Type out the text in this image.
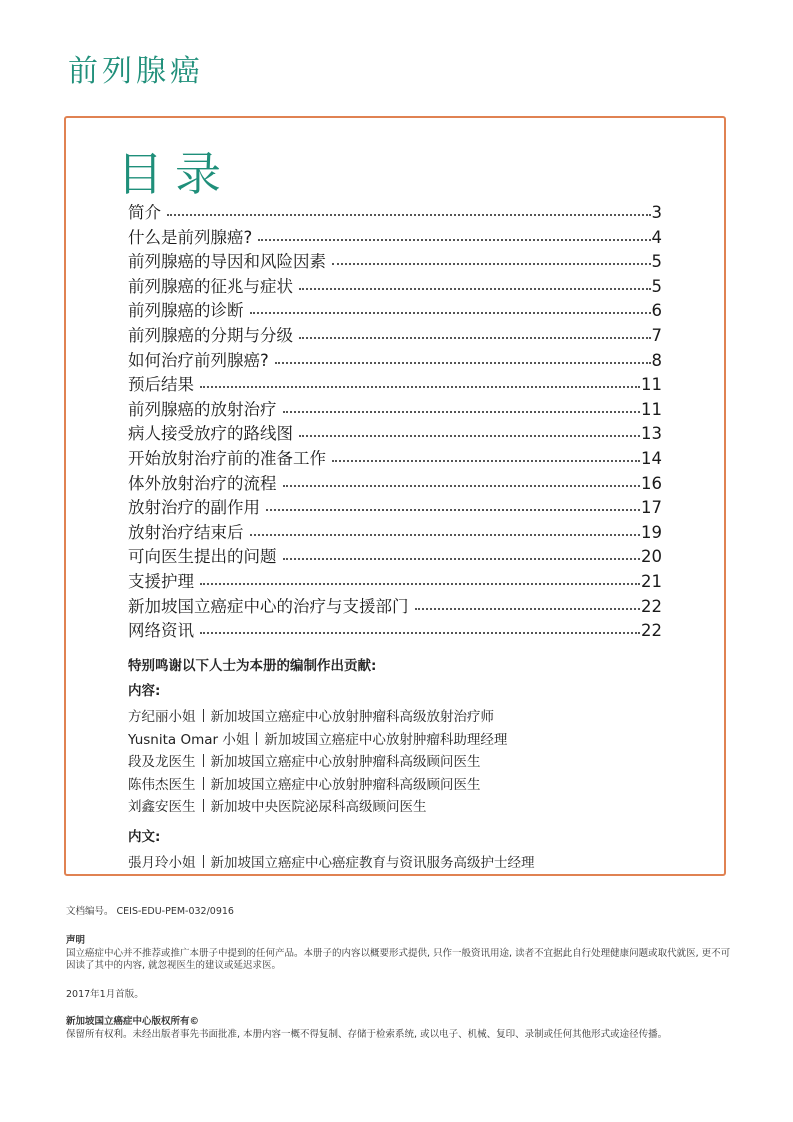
前列腺癌
目录
简介	3
什么是前列腺癌?	4
前列腺癌的导因和风险因素	5
前列腺癌的征兆与症状	5
前列腺癌的诊断	6
前列腺癌的分期与分级	7
如何治疗前列腺癌?	8
预后结果	11
前列腺癌的放射治疗	11
病人接受放疗的路线图	13
开始放射治疗前的准备工作	14
体外放射治疗的流程	16
放射治疗的副作用	17
放射治疗结束后	19
可向医生提出的问题	20
支援护理	21
新加坡国立癌症中心的治疗与支援部门	22
网络资讯	22
特别鸣谢以下人士为本册的编制作出贡献:
内容:
方纪丽小姐 新加坡国立癌症中心放射肿瘤科高级放射治疗师
Yusnita Omar 小姐 新加坡国立癌症中心放射肿瘤科助理经理
段及龙医生 新加坡国立癌症中心放射肿瘤科高级顾问医生
陈伟杰医生 新加坡国立癌症中心放射肿瘤科高级顾问医生
刘鑫安医生 新加坡中央医院泌尿科高级顾问医生
内文:
張月玲小姐 新加坡国立癌症中心癌症教育与资讯服务高级护士经理
文档编号。 CEIS-EDU-PEM-032/0916
声明
国立癌症中心并不推荐或推广本册子中提到的任何产品。本册子的内容以概要形式提供, 只作一般资讯用途, 读者不宜据此自行处理健康问题或取代就医, 更不可因读了其中的内容, 就忽视医生的建议或延迟求医。
2017年1月首版。
新加坡国立癌症中心版权所有©
保留所有权利。未经出版者事先书面批准, 本册内容一概不得复制、存储于检索系统, 或以电子、机械、复印、录制或任何其他形式或途径传播。
